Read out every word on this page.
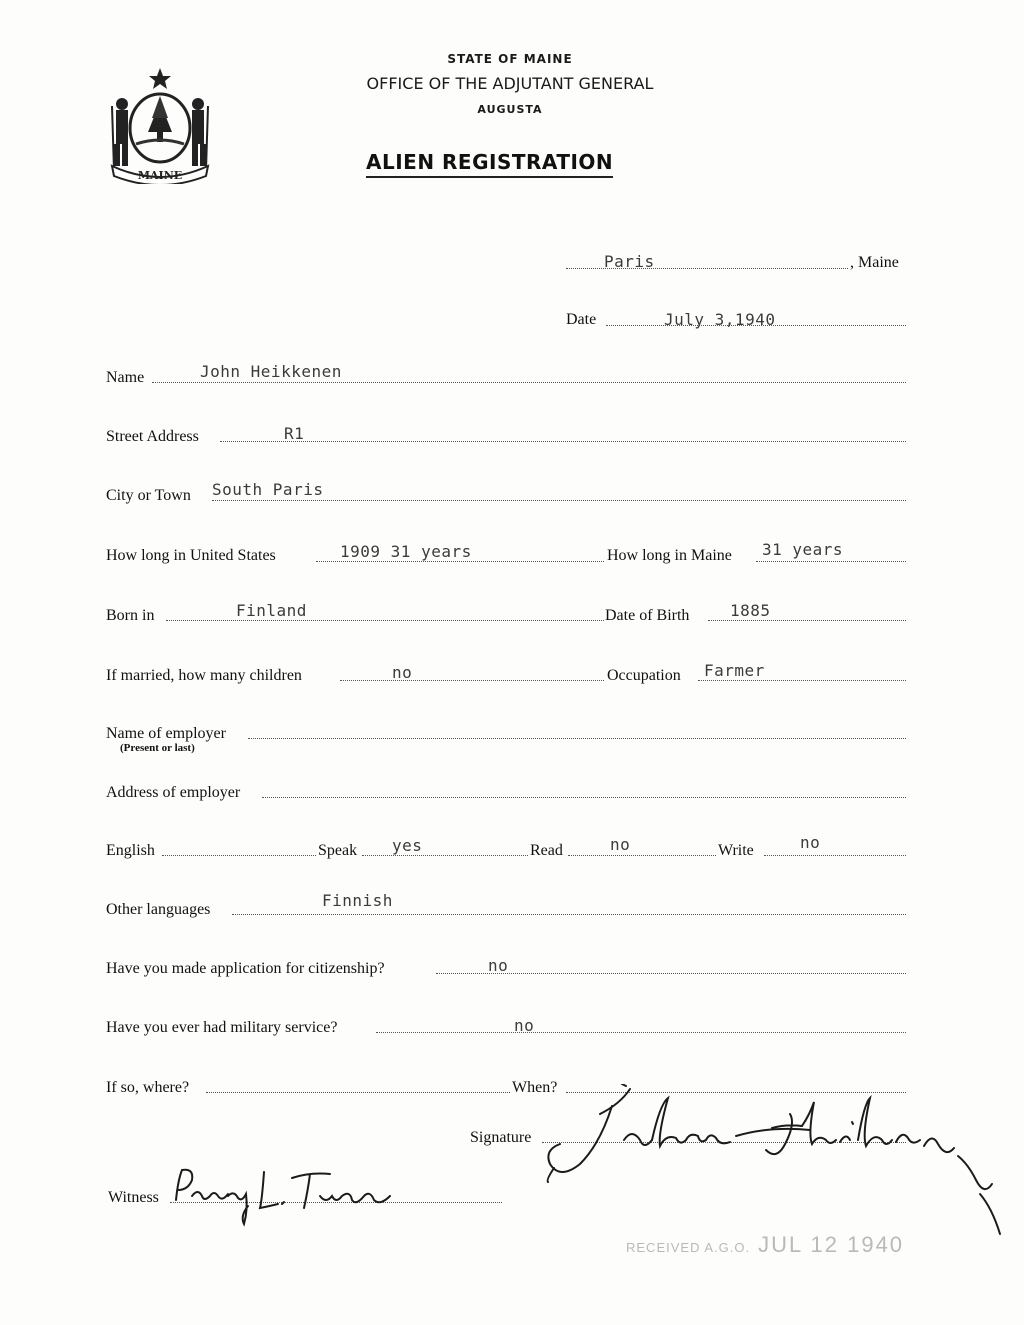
MAINE
STATE OF MAINE
OFFICE OF THE ADJUTANT GENERAL
AUGUSTA
ALIEN REGISTRATION
Paris	, Maine
Date	July 3,1940
Name	John Heikkenen
Street Address	R1
City or Town South Paris
How long in United States	1909 31 years	How long in Maine 31 years
Born in	Finland	Date of Birth	1885
If married, how many children	no	Occupation Farmer
Name of employer
(Present or last)
Address of employer
English	Speak yes	Read	no	Write	no
Other languages	Finnish
Have you made application for citizenship?	no
Have you ever had military service?	no
If so, where?	When?
Signature
Witness
RECEIVED A.G.O. JUL 12 1940
